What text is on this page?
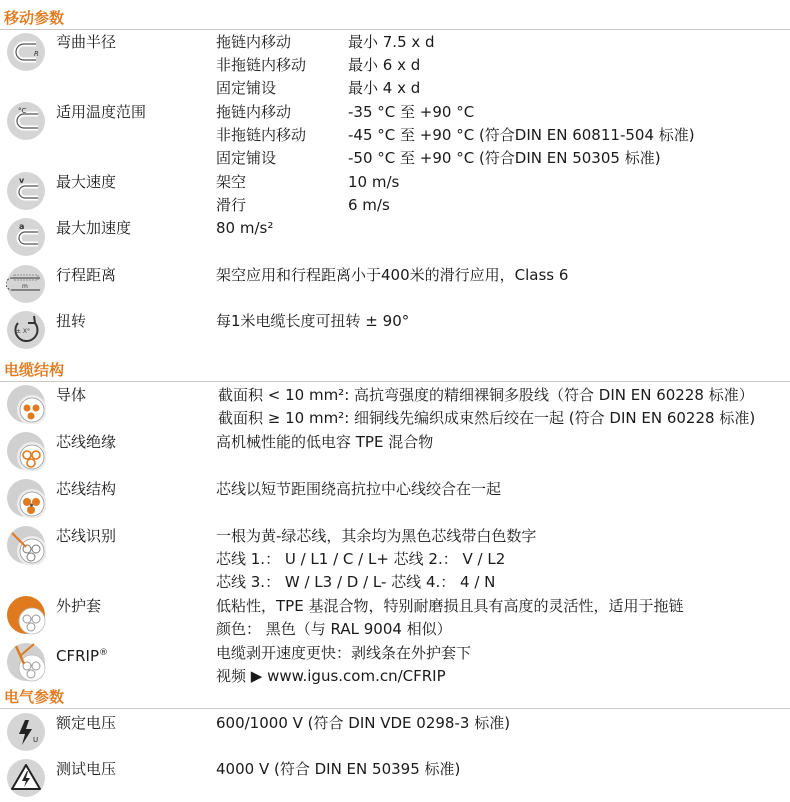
移动参数
R
弯曲半径	拖链内移动	最小 7.5 x d
非拖链内移动	最小 6 x d
固定铺设	最小 4 x d
°C 适用温度范围	拖链内移动	-35 °C 至 +90 °C
非拖链内移动	-45 °C 至 +90 °C (符合DIN EN 60811-504 标准)
固定铺设	-50 °C 至 +90 °C (符合DIN EN 50305 标准)
v 最大速度	架空	10 m/s
滑行	6 m/s
a 最大加速度	80 m/s²
m
行程距离	架空应用和行程距离小于400米的滑行应用，Class 6
± X°
扭转	每1米电缆长度可扭转 ± 90°
电缆结构
导体	截面积 < 10 mm²: 高抗弯强度的精细裸铜多股线（符合 DIN EN 60228 标准）
截面积 ≥ 10 mm²: 细铜线先编织成束然后绞在一起 (符合 DIN EN 60228 标准)
芯线绝缘	高机械性能的低电容 TPE 混合物
芯线结构	芯线以短节距围绕高抗拉中心线绞合在一起
芯线识别	一根为黄-绿芯线，其余均为黑色芯线带白色数字
芯线 1.： U / L1 / C / L+ 芯线 2.： V / L2
芯线 3.： W / L3 / D / L- 芯线 4.： 4 / N
外护套	低粘性，TPE 基混合物，特别耐磨损且具有高度的灵活性，适用于拖链
颜色： 黑色（与 RAL 9004 相似）
CFRIP®	电缆剥开速度更快：剥线条在外护套下
视频 ▶ www.igus.com.cn/CFRIP
电气参数
U
额定电压	600/1000 V (符合 DIN VDE 0298-3 标准)
测试电压	4000 V (符合 DIN EN 50395 标准)
